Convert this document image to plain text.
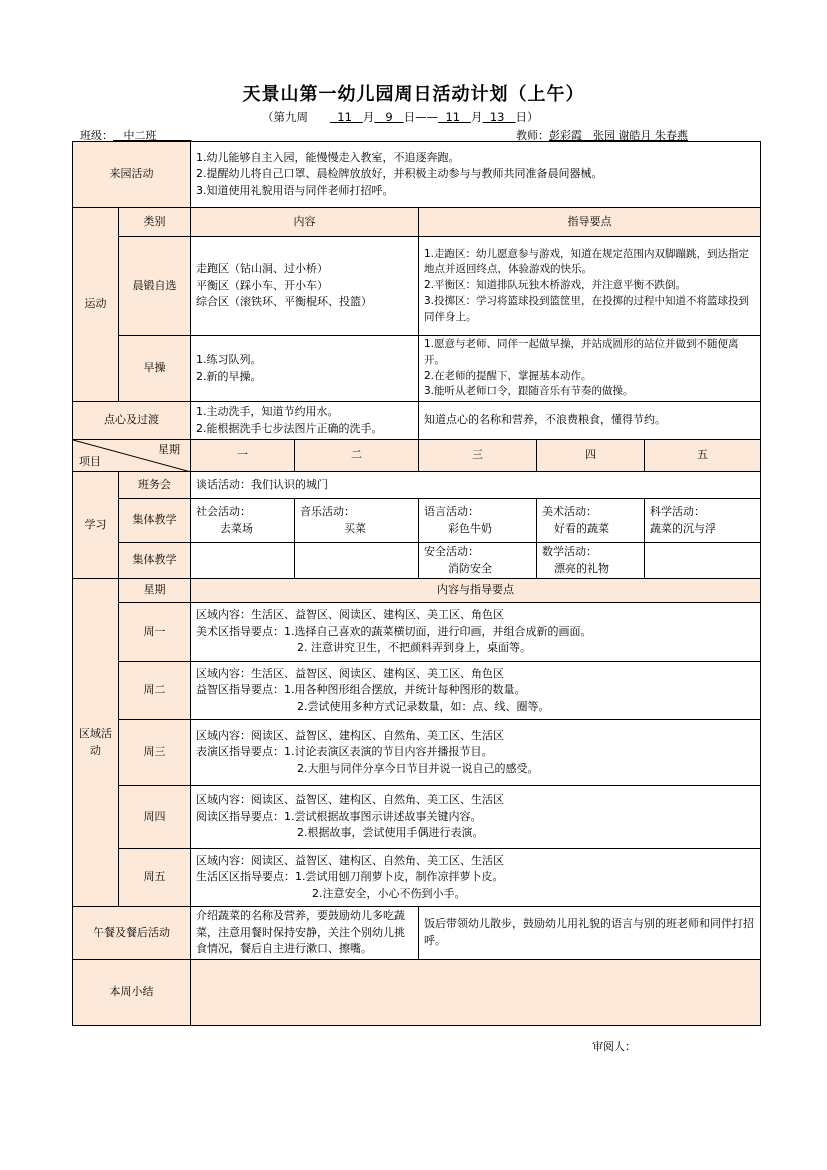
天景山第一幼儿园周日活动计划（上午）
（第九周	11 月 9 日—— 11 月 13 日）
班级： 中二班	教师：彭彩霞　张园 谢皓月 朱春燕
来园活动		1.幼儿能够自主入园，能慢慢走入教室，不追逐奔跑。
2.提醒幼儿将自己口罩、晨检牌放放好，并积极主动参与与教师共同准备晨间器械。
3.知道使用礼貌用语与同伴老师打招呼。				

运动	类别	内容		指导要点		
	晨锻自选	走跑区（钻山洞、过小桥）
平衡区（踩小车、开小车）
综合区（滚铁环、平衡棍环、投篮）		1.走跑区：幼儿愿意参与游戏，知道在规定范围内双脚蹦跳，到达指定地点并返回终点，体验游戏的快乐。
2.平衡区：知道排队玩独木桥游戏，并注意平衡不跌倒。
3.投掷区：学习将篮球投到篮筐里，在投掷的过程中知道不将篮球投到同伴身上。		

	早操	1.练习队列。
2.新的早操。		1.愿意与老师、同伴一起做早操，并站成圆形的站位并做到不随便离开。
2.在老师的提醒下，掌握基本动作。
3.能听从老师口令，跟随音乐有节奏的做操。		

点心及过渡		1.主动洗手，知道节约用水。
2.能根据洗手七步法图片正确的洗手。		知道点心的名称和营养，不浪费粮食，懂得节约。		

星期
项目		一	二	三	四	五
学习	班务会	谈话活动：我们认识的城门				
	集体教学	社会活动：
去菜场	音乐活动：
买菜	语言活动：
彩色牛奶	美术活动：
好看的蔬菜	科学活动：
蔬菜的沉与浮

	集体教学			安全活动：
消防安全	数学活动：
漂亮的礼物	

区域活动	星期	内容与指导要点				
	周一	区域内容：生活区、益智区、阅读区、建构区、美工区、角色区
美术区指导要点：1.选择自己喜欢的蔬菜横切面，进行印画，并组合成新的画面。
2. 注意讲究卫生，不把颜料弄到身上，桌面等。				

	周二	区域内容：生活区、益智区、阅读区、建构区、美工区、角色区
益智区指导要点：1.用各种图形组合摆放，并统计每种图形的数量。
2.尝试使用多种方式记录数量，如：点、线、圈等。				

	周三	区域内容：阅读区、益智区、建构区、自然角、美工区、生活区
表演区指导要点：1.讨论表演区表演的节目内容并播报节目。
2.大胆与同伴分享今日节目并说一说自己的感受。				

	周四	区域内容：阅读区、益智区、建构区、自然角、美工区、生活区
阅读区指导要点：1.尝试根据故事图示讲述故事关键内容。
2.根据故事，尝试使用手偶进行表演。				

	周五	区域内容：阅读区、益智区、建构区、自然角、美工区、生活区
生活区区指导要点：1.尝试用刨刀削萝卜皮，制作凉拌萝卜皮。
2.注意安全，小心不伤到小手。				

午餐及餐后活动		介绍蔬菜的名称及营养，要鼓励幼儿多吃蔬菜，注意用餐时保持安静，关注个别幼儿挑食情况，餐后自主进行漱口、擦嘴。		饭后带领幼儿散步，鼓励幼儿用礼貌的语言与别的班老师和同伴打招呼。		
本周小结						
审阅人：
